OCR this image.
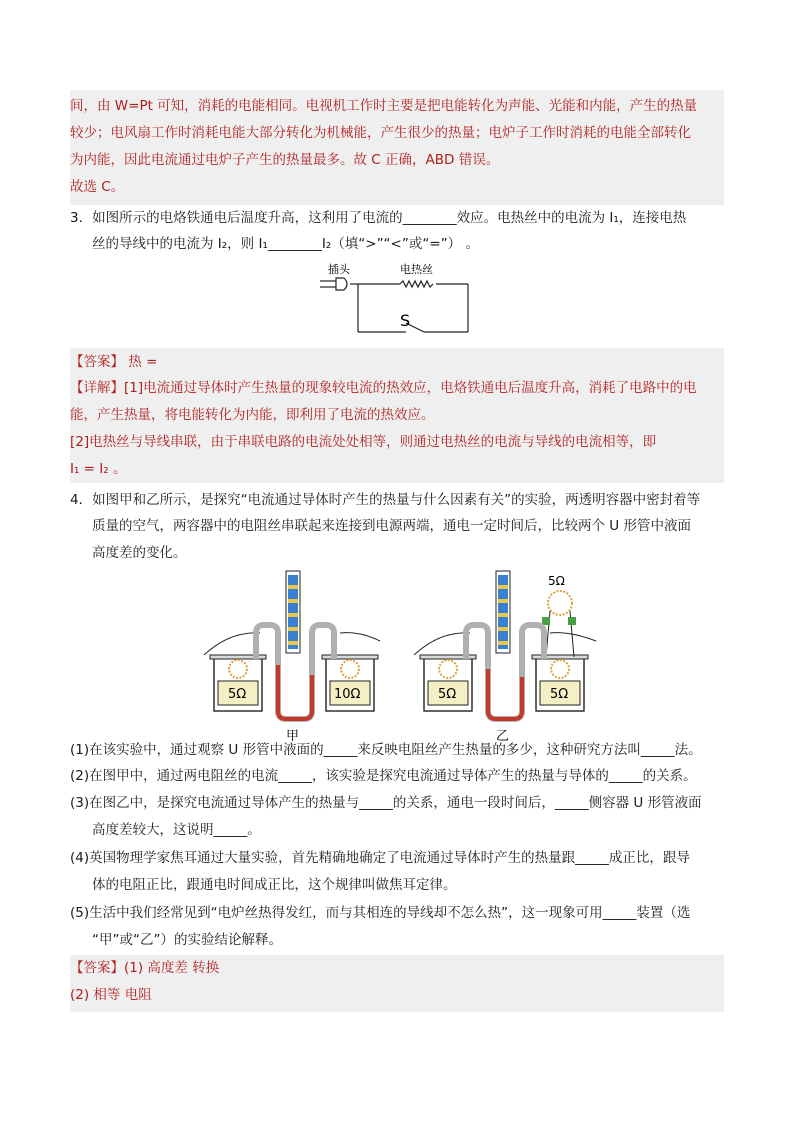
间，由 W=Pt 可知，消耗的电能相同。电视机工作时主要是把电能转化为声能、光能和内能，产生的热量
较少；电风扇工作时消耗电能大部分转化为机械能，产生很少的热量；电炉子工作时消耗的电能全部转化
为内能，因此电流通过电炉子产生的热量最多。故 C 正确，ABD 错误。
故选 C。
3．如图所示的电烙铁通电后温度升高，这利用了电流的________效应。电热丝中的电流为 I₁，连接电热
丝的导线中的电流为 I₂，则 I₁________I₂（填“>”“<”或“=”） 。
插头	电热丝
S
【答案】 热 =
【详解】[1]电流通过导体时产生热量的现象较电流的热效应，电烙铁通电后温度升高，消耗了电路中的电
能，产生热量，将电能转化为内能，即利用了电流的热效应。
[2]电热丝与导线串联，由于串联电路的电流处处相等，则通过电热丝的电流与导线的电流相等，即
I₁ = I₂ 。
4．如图甲和乙所示，是探究“电流通过导体时产生的热量与什么因素有关”的实验，两透明容器中密封着等
质量的空气，两容器中的电阻丝串联起来连接到电源两端，通电一定时间后，比较两个 U 形管中液面
高度差的变化。
5Ω	10Ω
甲
5Ω	5Ω
5Ω
乙
(1)在该实验中，通过观察 U 形管中液面的_____来反映电阻丝产生热量的多少，这种研究方法叫_____法。
(2)在图甲中，通过两电阻丝的电流_____，该实验是探究电流通过导体产生的热量与导体的_____的关系。
(3)在图乙中，是探究电流通过导体产生的热量与_____的关系，通电一段时间后，_____侧容器 U 形管液面
高度差较大，这说明_____。
(4)英国物理学家焦耳通过大量实验，首先精确地确定了电流通过导体时产生的热量跟_____成正比，跟导
体的电阻正比，跟通电时间成正比，这个规律叫做焦耳定律。
(5)生活中我们经常见到“电炉丝热得发红，而与其相连的导线却不怎么热”，这一现象可用_____装置（选
“甲”或“乙”）的实验结论解释。
【答案】(1) 高度差 转换
(2) 相等 电阻
